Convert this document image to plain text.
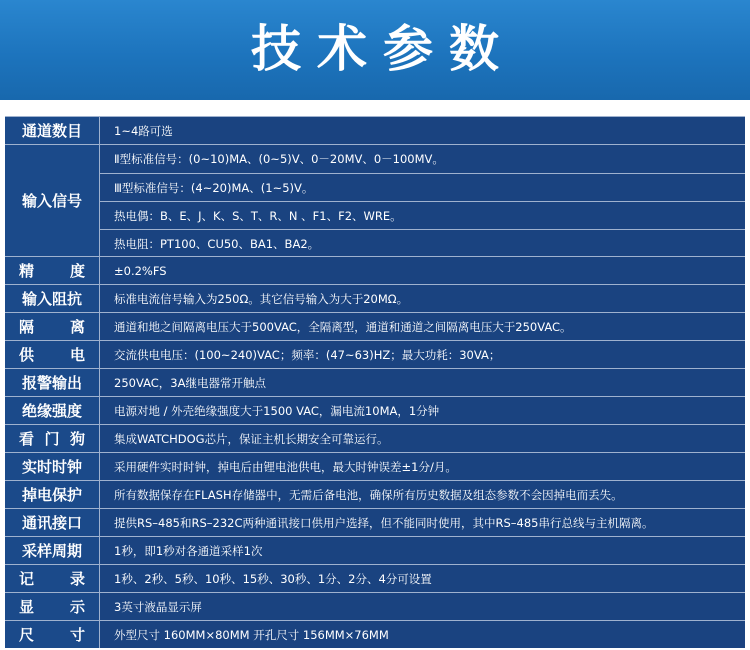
技术参数
通道数目	1~4路可选
输入信号
Ⅱ型标准信号：(0~10)MA、(0~5)V、0－20MV、0－100MV。
Ⅲ型标准信号：(4~20)MA、(1~5)V。
热电偶：B、E、J、K、S、T、R、N 、F1、F2、WRE。
热电阻：PT100、CU50、BA1、BA2。
精 度	±0.2%FS
输入阻抗	标准电流信号输入为250Ω。其它信号输入为大于20MΩ。
隔 离	通道和地之间隔离电压大于500VAC，全隔离型，通道和通道之间隔离电压大于250VAC。
供 电	交流供电电压：(100~240)VAC；频率：(47~63)HZ；最大功耗：30VA；
报警输出	250VAC，3A继电器常开触点
绝缘强度	电源对地 / 外壳绝缘强度大于1500 VAC，漏电流10MA，1分钟
看 门 狗	集成WATCHDOG芯片，保证主机长期安全可靠运行。
实时时钟	采用硬件实时时钟，掉电后由锂电池供电，最大时钟误差±1分/月。
掉电保护	所有数据保存在FLASH存储器中，无需后备电池，确保所有历史数据及组态参数不会因掉电而丢失。
通讯接口	提供RS–485和RS–232C两种通讯接口供用户选择，但不能同时使用，其中RS–485串行总线与主机隔离。
采样周期	1秒，即1秒对各通道采样1次
记 录	1秒、2秒、5秒、10秒、15秒、30秒、1分、2分、4分可设置
显 示	3英寸液晶显示屏
尺 寸	外型尺寸 160MM×80MM 开孔尺寸 156MM×76MM
